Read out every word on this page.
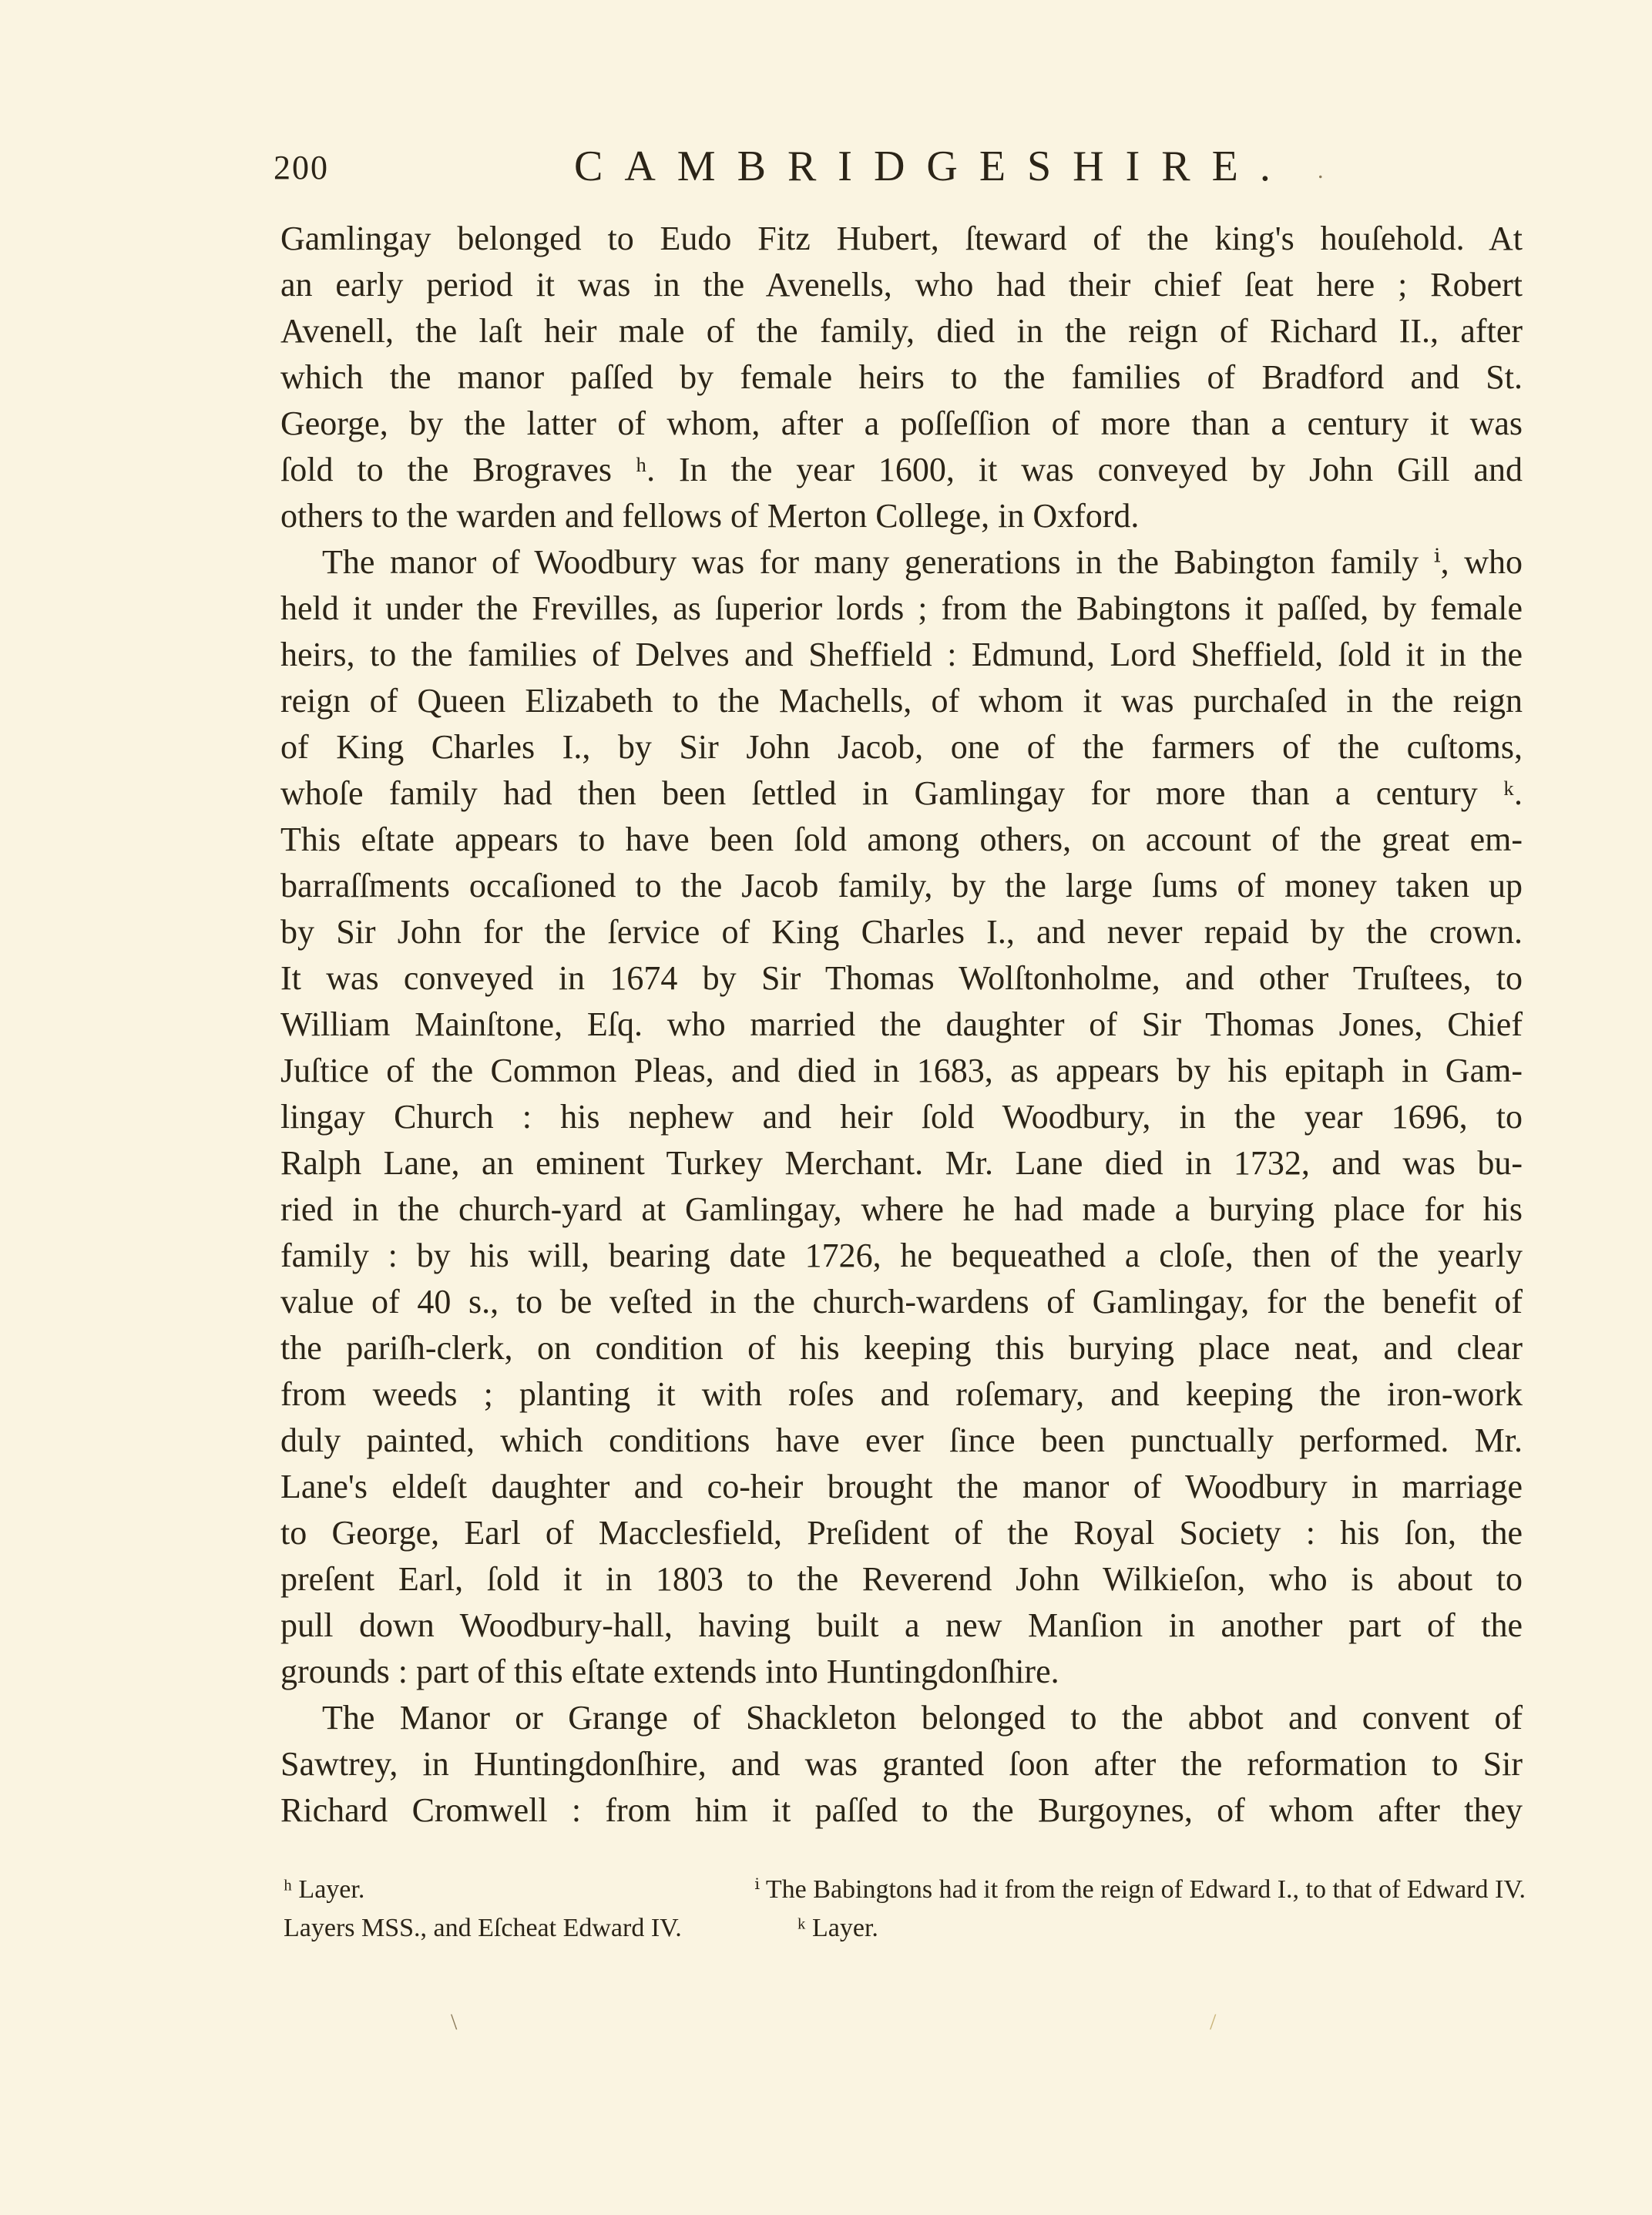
200	CAMBRIDGESHIRE.
Gamlingay belonged to Eudo Fitz Hubert, ſteward of the king's houſehold. At
an early period it was in the Avenells, who had their chief ſeat here ; Robert
Avenell, the laſt heir male of the family, died in the reign of Richard II., after
which the manor paſſed by female heirs to the families of Bradford and St.
George, by the latter of whom, after a poſſeſſion of more than a century it was
ſold to the Brograves ʰ. In the year 1600, it was conveyed by John Gill and
others to the warden and fellows of Merton College, in Oxford.
The manor of Woodbury was for many generations in the Babington family ⁱ, who
held it under the Frevilles, as ſuperior lords ; from the Babingtons it paſſed, by female
heirs, to the families of Delves and Sheffield : Edmund, Lord Sheffield, ſold it in the
reign of Queen Elizabeth to the Machells, of whom it was purchaſed in the reign
of King Charles I., by Sir John Jacob, one of the farmers of the cuſtoms,
whoſe family had then been ſettled in Gamlingay for more than a century ᵏ.
This eſtate appears to have been ſold among others, on account of the great em-
barraſſments occaſioned to the Jacob family, by the large ſums of money taken up
by Sir John for the ſervice of King Charles I., and never repaid by the crown.
It was conveyed in 1674 by Sir Thomas Wolſtonholme, and other Truſtees, to
William Mainſtone, Eſq. who married the daughter of Sir Thomas Jones, Chief
Juſtice of the Common Pleas, and died in 1683, as appears by his epitaph in Gam-
lingay Church : his nephew and heir ſold Woodbury, in the year 1696, to
Ralph Lane, an eminent Turkey Merchant. Mr. Lane died in 1732, and was bu-
ried in the church-yard at Gamlingay, where he had made a burying place for his
family : by his will, bearing date 1726, he bequeathed a cloſe, then of the yearly
value of 40 s., to be veſted in the church-wardens of Gamlingay, for the benefit of
the pariſh-clerk, on condition of his keeping this burying place neat, and clear
from weeds ; planting it with roſes and roſemary, and keeping the iron-work
duly painted, which conditions have ever ſince been punctually performed. Mr.
Lane's eldeſt daughter and co-heir brought the manor of Woodbury in marriage
to George, Earl of Macclesfield, Preſident of the Royal Society : his ſon, the
preſent Earl, ſold it in 1803 to the Reverend John Wilkieſon, who is about to
pull down Woodbury-hall, having built a new Manſion in another part of the
grounds : part of this eſtate extends into Huntingdonſhire.
The Manor or Grange of Shackleton belonged to the abbot and convent of
Sawtrey, in Huntingdonſhire, and was granted ſoon after the reformation to Sir
Richard Cromwell : from him it paſſed to the Burgoynes, of whom after they
ʰ Layer.	ⁱ The Babingtons had it from the reign of Edward I., to that of Edward IV.
Layers MSS., and Eſcheat Edward IV.	ᵏ Layer.
.
\	/
